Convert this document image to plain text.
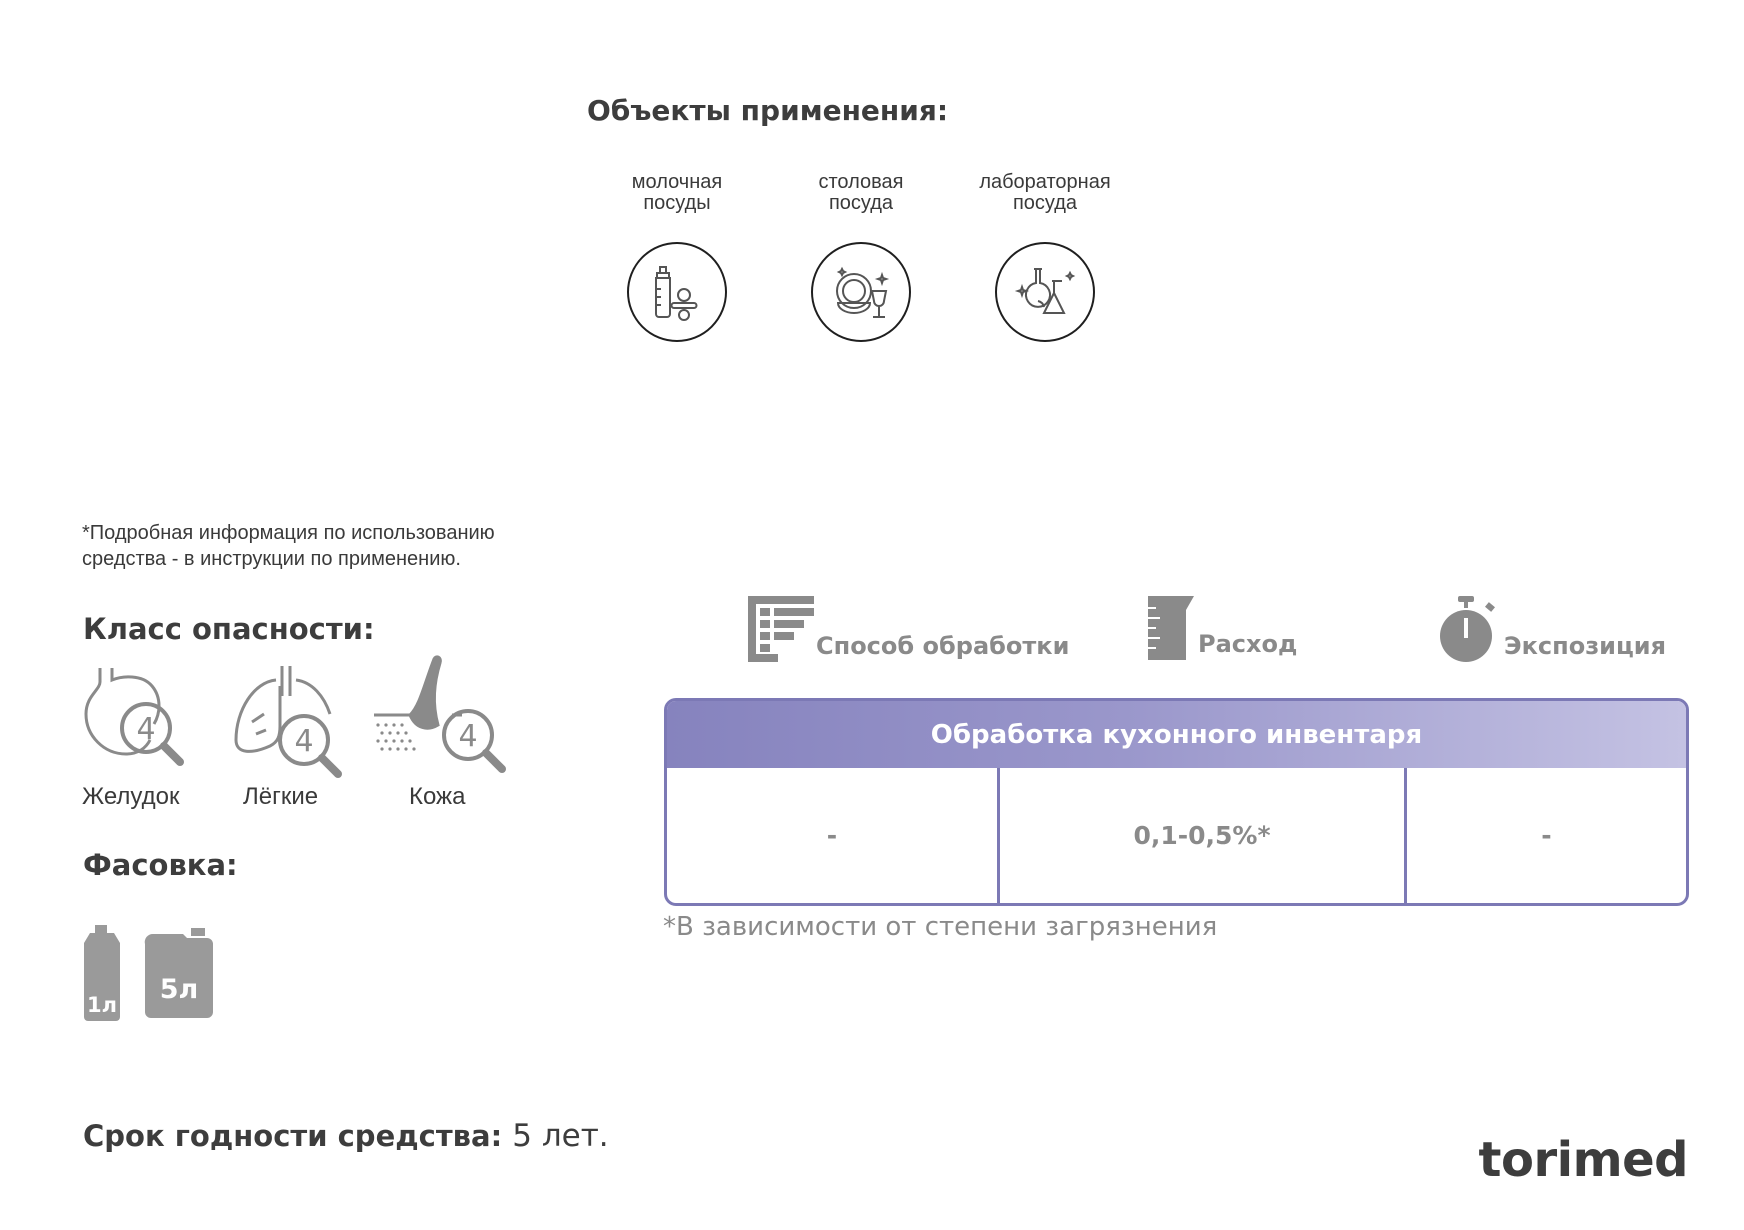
Объекты применения:
молочная
посуды
столовая
посуда
лабораторная
посуда
*Подробная информация по использованию
средства - в инструкции по применению.
Класс опасности:
4
Желудок
4
Лёгкие
4
Кожа
Фасовка:
1л 5л
Срок годности средства: 5 лет.
Способ обработки	Расход	Экспозиция
Обработка кухонного инвентаря
-	0,1-0,5%*	-
*В зависимости от степени загрязнения
torimed
